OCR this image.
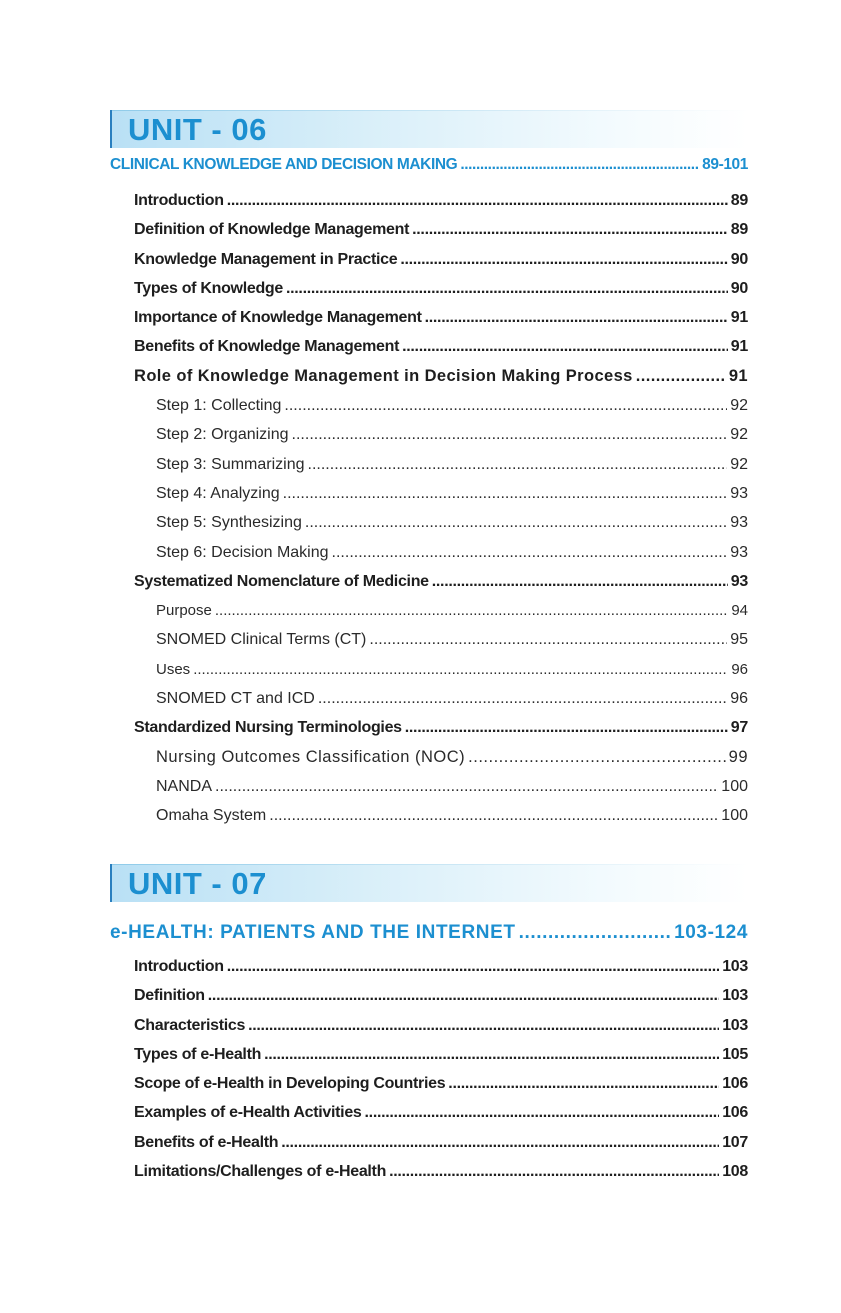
UNIT - 06
CLINICAL KNOWLEDGE AND DECISION MAKING .....	89-101
Introduction .....	89
Definition of Knowledge Management .....	89
Knowledge Management in Practice .....	90
Types of Knowledge .....	90
Importance of Knowledge Management .....	91
Benefits of Knowledge Management .....	91
Role of Knowledge Management in Decision Making Process .....	91
Step 1: Collecting .....	92
Step 2: Organizing .....	92
Step 3: Summarizing .....	92
Step 4: Analyzing .....	93
Step 5: Synthesizing .....	93
Step 6: Decision Making .....	93
Systematized Nomenclature of Medicine .....	93
Purpose .....	94
SNOMED Clinical Terms (CT) .....	95
Uses .....	96
SNOMED CT and ICD .....	96
Standardized Nursing Terminologies .....	97
Nursing Outcomes Classification (NOC) .....	99
NANDA .....	100
Omaha System .....	100
UNIT - 07
e-HEALTH: PATIENTS AND THE INTERNET .....	103-124
Introduction .....	103
Definition .....	103
Characteristics .....	103
Types of e-Health .....	105
Scope of e-Health in Developing Countries .....	106
Examples of e-Health Activities .....	106
Benefits of e-Health .....	107
Limitations/Challenges of e-Health .....	108
